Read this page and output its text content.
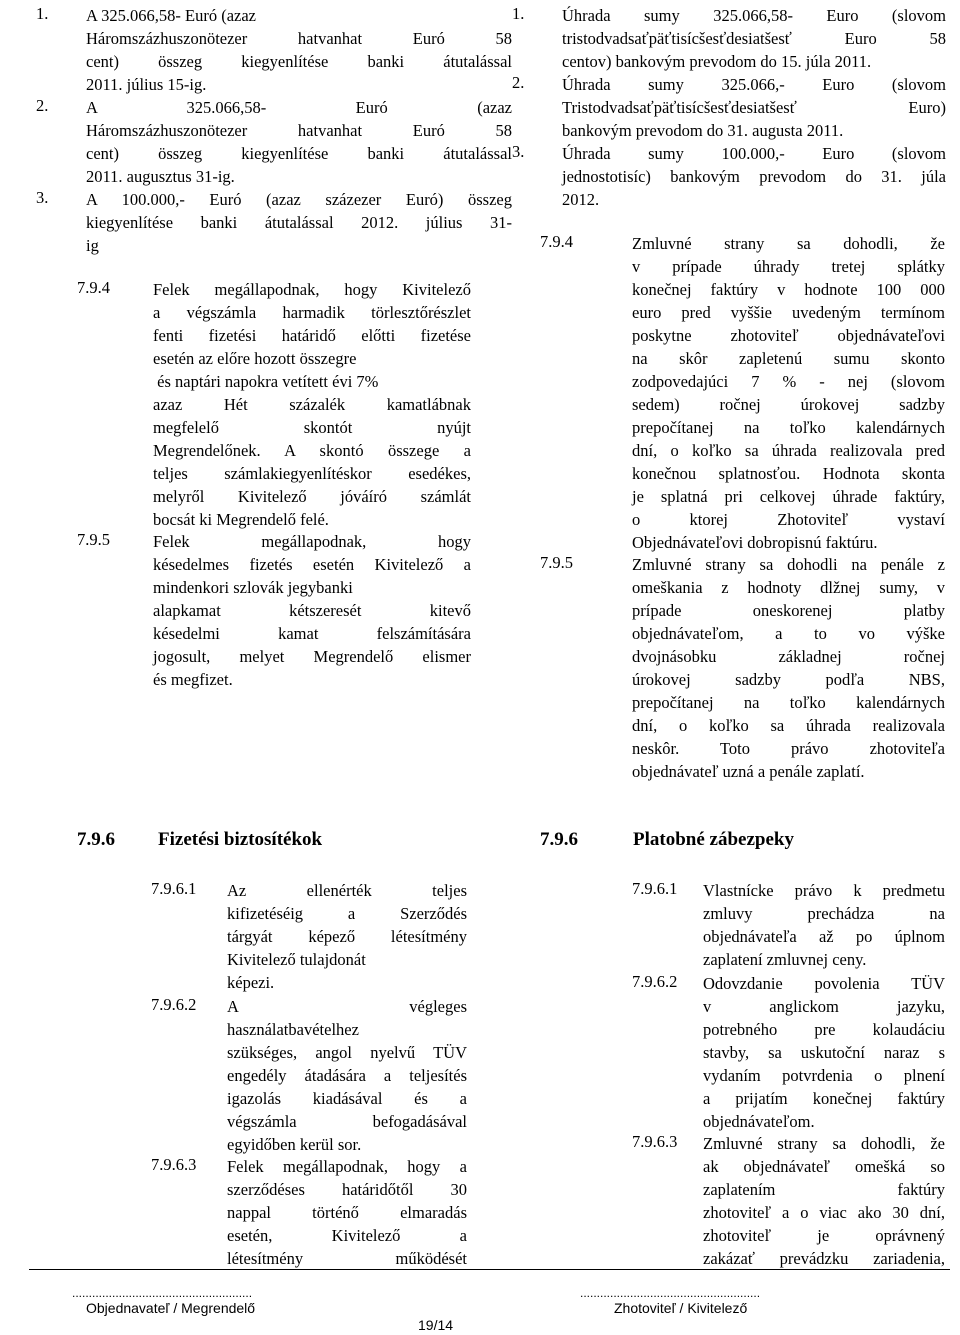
1. A 325.066,58- Euró (azaz
Háromszázhuszonötezer hatvanhat Euró 58
cent) összeg kiegyenlítése banki átutalással
2011. július 15-ig.
2. A 325.066,58- Euró (azaz
Háromszázhuszonötezer hatvanhat Euró 58
cent) összeg kiegyenlítése banki átutalással
2011. augusztus 31-ig.
3. A 100.000,- Euró (azaz százezer Euró) összeg
kiegyenlítése banki átutalással 2012. július 31-
ig
7.9.4	Felek megállapodnak, hogy Kivitelező
a végszámla harmadik törlesztőrészlet
fenti fizetési határidő előtti fizetése
esetén az előre hozott összegre
és naptári napokra vetített évi 7%
azaz Hét százalék kamatlábnak
megfelelő skontót nyújt
Megrendelőnek. A skontó összege a
teljes számlakiegyenlítéskor esedékes,
melyről Kivitelező jóváíró számlát
bocsát ki Megrendelő felé.
7.9.5	Felek megállapodnak, hogy
késedelmes fizetés esetén Kivitelező a
mindenkori szlovák jegybanki
alapkamat kétszeresét kitevő
késedelmi kamat felszámítására
jogosult, melyet Megrendelő elismer
és megfizet.
7.9.6 Fizetési biztosítékok
7.9.6.1 Az ellenérték teljes
kifizetéséig a Szerződés
tárgyát képező létesítmény
Kivitelező tulajdonát
képezi.
7.9.6.2 A végleges
használatbavételhez
szükséges, angol nyelvű TÜV
engedély átadására a teljesítés
igazolás kiadásával és a
végszámla befogadásával
egyidőben kerül sor.
7.9.6.3 Felek megállapodnak, hogy a
szerződéses határidőtől 30
nappal történő elmaradás
esetén, Kivitelező a
létesítmény működését
1. Úhrada sumy 325.066,58- Euro (slovom
tristodvadsaťpäťtisícšesťdesiatšesť Euro 58
centov) bankovým prevodom do 15. júla 2011.
2. Úhrada sumy 325.066,- Euro (slovom
Tristodvadsaťpäťtisícšesťdesiatšesť Euro)
bankovým prevodom do 31. augusta 2011.
3. Úhrada sumy 100.000,- Euro (slovom
jednostotisíc) bankovým prevodom do 31. júla
2012.
7.9.4	Zmluvné strany sa dohodli, že
v prípade úhrady tretej splátky
konečnej faktúry v hodnote 100 000
euro pred vyššie uvedeným termínom
poskytne zhotoviteľ objednávateľovi
na skôr zapletenú sumu skonto
zodpovedajúci 7 % - nej (slovom
sedem) ročnej úrokovej sadzby
prepočítanej na toľko kalendárnych
dní, o koľko sa úhrada realizovala pred
konečnou splatnosťou. Hodnota skonta
je splatná pri celkovej úhrade faktúry,
o ktorej Zhotoviteľ vystaví
Objednávateľovi dobropisnú faktúru.
7.9.5	Zmluvné strany sa dohodli na penále z
omeškania z hodnoty dlžnej sumy, v
prípade oneskorenej platby
objednávateľom, a to vo výške
dvojnásobku základnej ročnej
úrokovej sadzby podľa NBS,
prepočítanej na toľko kalendárnych
dní, o koľko sa úhrada realizovala
neskôr. Toto právo zhotoviteľa
objednávateľ uzná a penále zaplatí.
7.9.6	Platobné zábezpeky
7.9.6.1 Vlastnícke právo k predmetu
zmluvy prechádza na
objednávateľa až po úplnom
zaplatení zmluvnej ceny.
7.9.6.2 Odovzdanie povolenia TÜV
v anglickom jazyku,
potrebného pre kolaudáciu
stavby, sa uskutoční naraz s
vydaním potvrdenia o plnení
a prijatím konečnej faktúry
objednávateľom.
7.9.6.3 Zmluvné strany sa dohodli, že
ak objednávateľ omešká so
zaplatením faktúry
zhotoviteľ a o viac ako 30 dní,
zhotoviteľ je oprávnený
zakázať prevádzku zariadenia,
......................................................
Objednavateľ / Megrendelő
......................................................
Zhotoviteľ / Kivitelező
19/14
